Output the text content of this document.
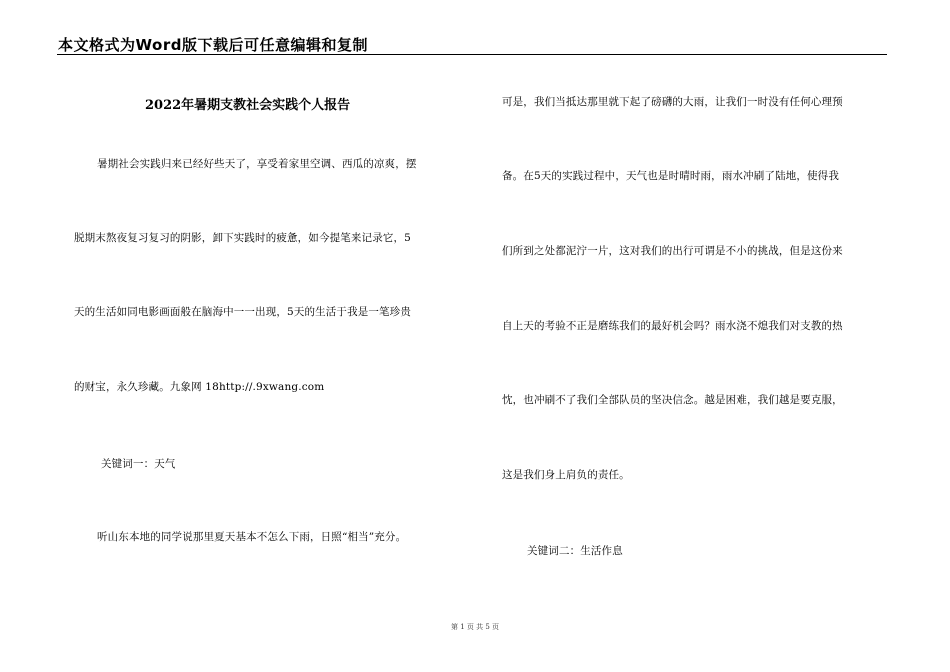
本文格式为Word版下载后可任意编辑和复制
2022年暑期支教社会实践个人报告
暑期社会实践归来已经好些天了，享受着家里空调、西瓜的凉爽，摆
脱期末熬夜复习复习的阴影，卸下实践时的疲惫，如今提笔来记录它，5
天的生活如同电影画面般在脑海中一一出现，5天的生活于我是一笔珍贵
的财宝，永久珍藏。九象网 18http://.9xwang.com
关键词一：天气
听山东本地的同学说那里夏天基本不怎么下雨，日照“相当”充分。
可是，我们当抵达那里就下起了磅礴的大雨，让我们一时没有任何心理预
备。在5天的实践过程中，天气也是时晴时雨，雨水冲刷了陆地，使得我
们所到之处都泥泞一片，这对我们的出行可谓是不小的挑战，但是这份来
自上天的考验不正是磨练我们的最好机会吗？雨水浇不熄我们对支教的热
忱，也冲刷不了我们全部队员的坚决信念。越是困难，我们越是要克服，
这是我们身上肩负的责任。
关键词二：生活作息
第 1 页 共 5 页
